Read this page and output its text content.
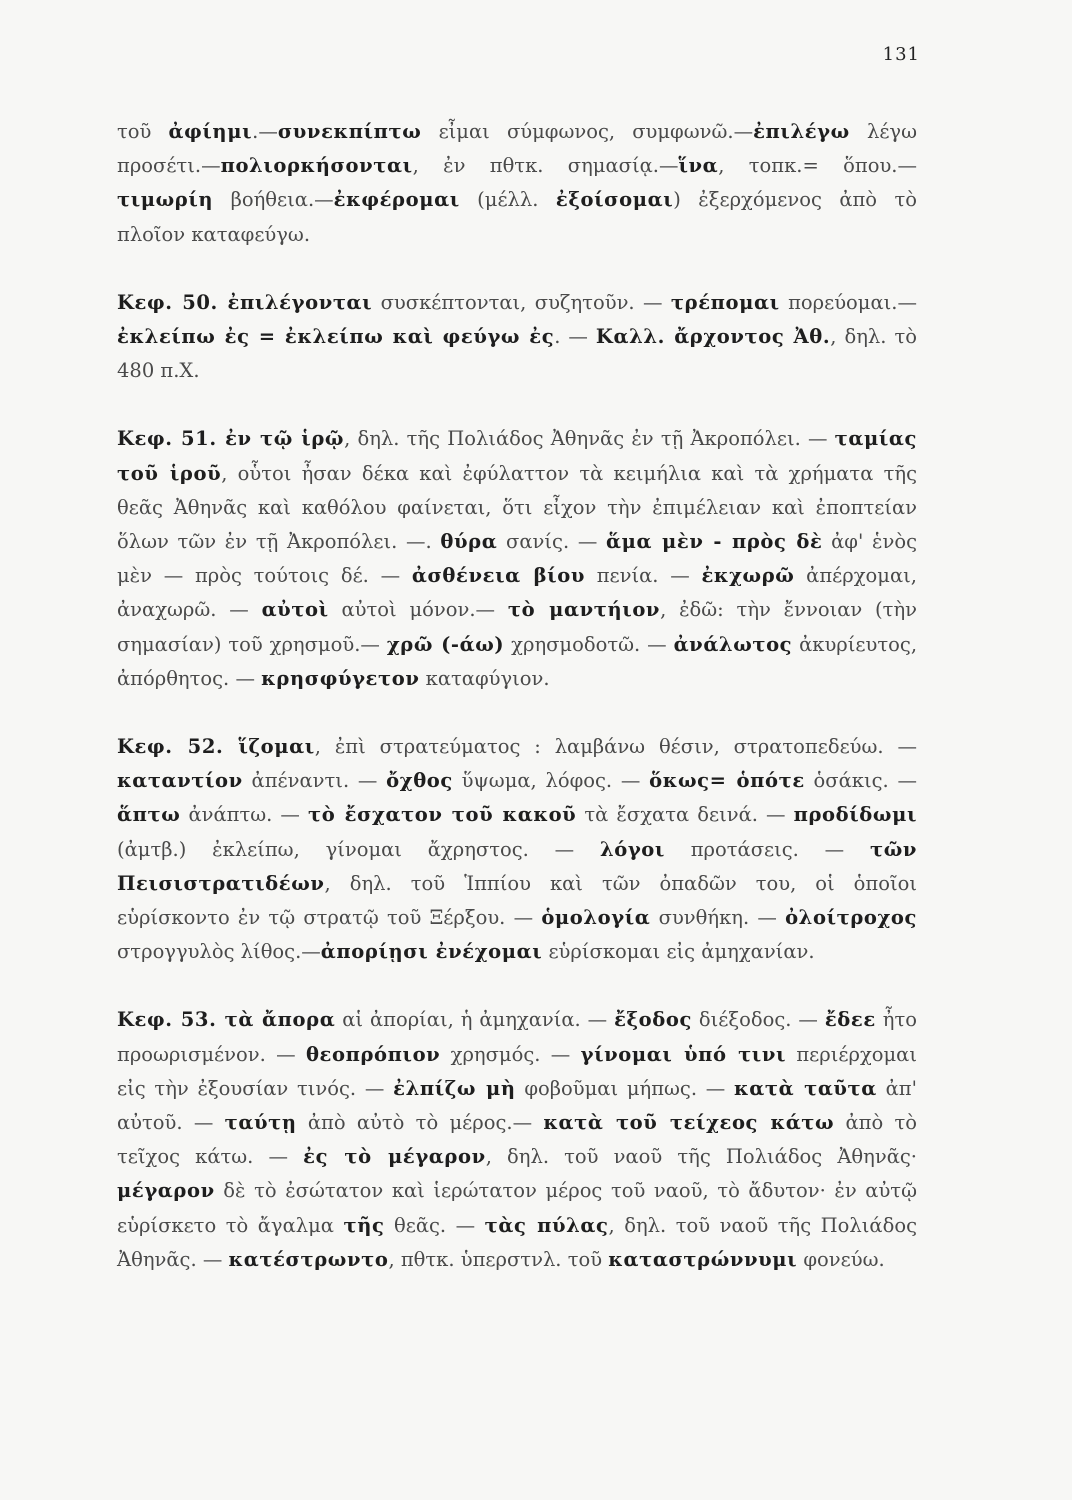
131

τοῦ ἀφίημι.—συνεκπίπτω εἶμαι σύμφωνος, συμφωνῶ.—ἐπιλέγω λέγω προσέτι.—πολιορκήσονται, ἐν πθτκ. σημασίᾳ.—ἵνα, τοπκ.= ὅπου.—τιμωρίη βοήθεια.—ἐκφέρομαι (μέλλ. ἐξοίσομαι) ἐξερχόμενος ἀπὸ τὸ πλοῖον καταφεύγω.

Κεφ. 50. ἐπιλέγονται συσκέπτονται, συζητοῦν. — τρέπομαι πορεύομαι.— ἐκλείπω ἐς = ἐκλείπω καὶ φεύγω ἐς. — Καλλ. ἄρχοντος Ἀθ., δηλ. τὸ 480 π.Χ.

Κεφ. 51. ἐν τῷ ἱρῷ, δηλ. τῆς Πολιάδος Ἀθηνᾶς ἐν τῇ Ἀκροπόλει. — ταμίας τοῦ ἱροῦ, οὗτοι ἦσαν δέκα καὶ ἐφύλαττον τὰ κειμήλια καὶ τὰ χρήματα τῆς θεᾶς Ἀθηνᾶς καὶ καθόλου φαίνεται, ὅτι εἶχον τὴν ἐπιμέλειαν καὶ ἐποπτείαν ὅλων τῶν ἐν τῇ Ἀκροπόλει. —. θύρα σανίς. — ἅμα μὲν - πρὸς δὲ ἀφ' ἑνὸς μὲν — πρὸς τούτοις δέ. — ἀσθένεια βίου πενία. — ἐκχωρῶ ἀπέρχομαι, ἀναχωρῶ. — αὐτοὶ αὐτοὶ μόνον.— τὸ μαντήιον, ἐδῶ: τὴν ἔννοιαν (τὴν σημασίαν) τοῦ χρησμοῦ.— χρῶ (-άω) χρησμοδοτῶ. — ἀνάλωτος ἀκυρίευτος, ἀπόρθητος. — κρησφύγετον καταφύγιον.

Κεφ. 52. ἵζομαι, ἐπὶ στρατεύματος : λαμβάνω θέσιν, στρατοπεδεύω. — καταντίον ἀπέναντι. — ὄχθος ὕψωμα, λόφος. — ὅκως= ὁπότε ὁσάκις. — ἅπτω ἀνάπτω. — τὸ ἔσχατον τοῦ κακοῦ τὰ ἔσχατα δεινά. — προδίδωμι (ἀμτβ.) ἐκλείπω, γίνομαι ἄχρηστος. — λόγοι προτάσεις. — τῶν Πεισιστρατιδέων, δηλ. τοῦ Ἱππίου καὶ τῶν ὀπαδῶν του, οἱ ὁποῖοι εὑρίσκοντο ἐν τῷ στρατῷ τοῦ Ξέρξου. — ὁμολογία συνθήκη. — ὀλοίτροχος στρογγυλὸς λίθος.—ἀπορίῃσι ἐνέχομαι εὑρίσκομαι εἰς ἀμηχανίαν.

Κεφ. 53. τὰ ἄπορα αἱ ἀπορίαι, ἡ ἀμηχανία. — ἔξοδος διέξοδος. — ἔδεε ἦτο προωρισμένον. — θεοπρόπιον χρησμός. — γίνομαι ὑπό τινι περιέρχομαι εἰς τὴν ἐξουσίαν τινός. — ἐλπίζω μὴ φοβοῦμαι μήπως. — κατὰ ταῦτα ἀπ' αὐτοῦ. — ταύτῃ ἀπὸ αὐτὸ τὸ μέρος.— κατὰ τοῦ τείχεος κάτω ἀπὸ τὸ τεῖχος κάτω. — ἐς τὸ μέγαρον, δηλ. τοῦ ναοῦ τῆς Πολιάδος Ἀθηνᾶς· μέγαρον δὲ τὸ ἐσώτατον καὶ ἱερώτατον μέρος τοῦ ναοῦ, τὸ ἄδυτον· ἐν αὐτῷ εὑρίσκετο τὸ ἄγαλμα τῆς θεᾶς. — τὰς πύλας, δηλ. τοῦ ναοῦ τῆς Πολιάδος Ἀθηνᾶς. — κατέστρωντο, πθτκ. ὑπερστνλ. τοῦ καταστρώννυμι φονεύω.
